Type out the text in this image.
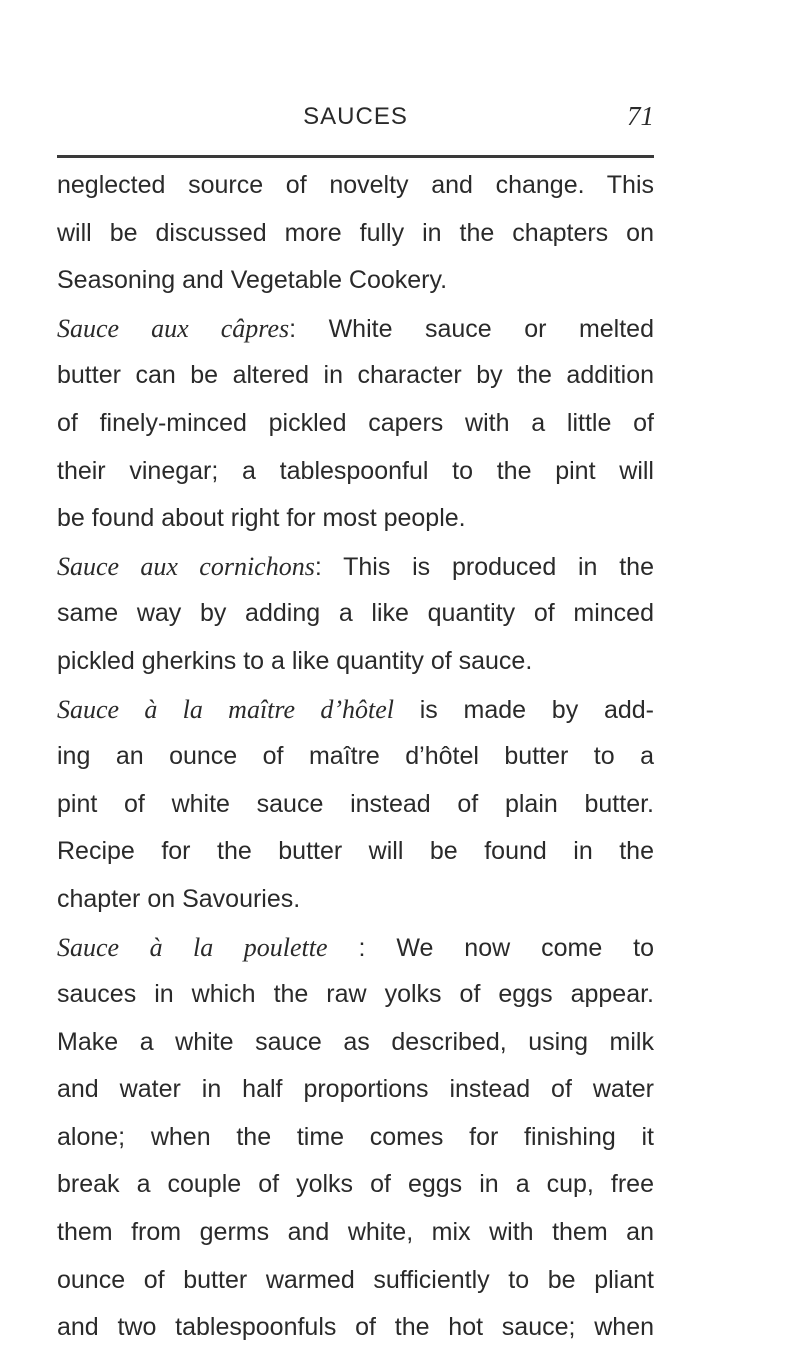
SAUCES	71
neglected source of novelty and change. This
will be discussed more fully in the chapters on
Seasoning and Vegetable Cookery.
Sauce aux câpres: White sauce or melted
butter can be altered in character by the addition
of finely-minced pickled capers with a little of
their vinegar; a tablespoonful to the pint will
be found about right for most people.
Sauce aux cornichons: This is produced in the
same way by adding a like quantity of minced
pickled gherkins to a like quantity of sauce.
Sauce à la maître d’hôtel is made by add-
ing an ounce of maître d’hôtel butter to a
pint of white sauce instead of plain butter.
Recipe for the butter will be found in the
chapter on Savouries.
Sauce à la poulette : We now come to
sauces in which the raw yolks of eggs appear.
Make a white sauce as described, using milk
and water in half proportions instead of water
alone; when the time comes for finishing it
break a couple of yolks of eggs in a cup, free
them from germs and white, mix with them an
ounce of butter warmed sufficiently to be pliant
and two tablespoonfuls of the hot sauce; when
